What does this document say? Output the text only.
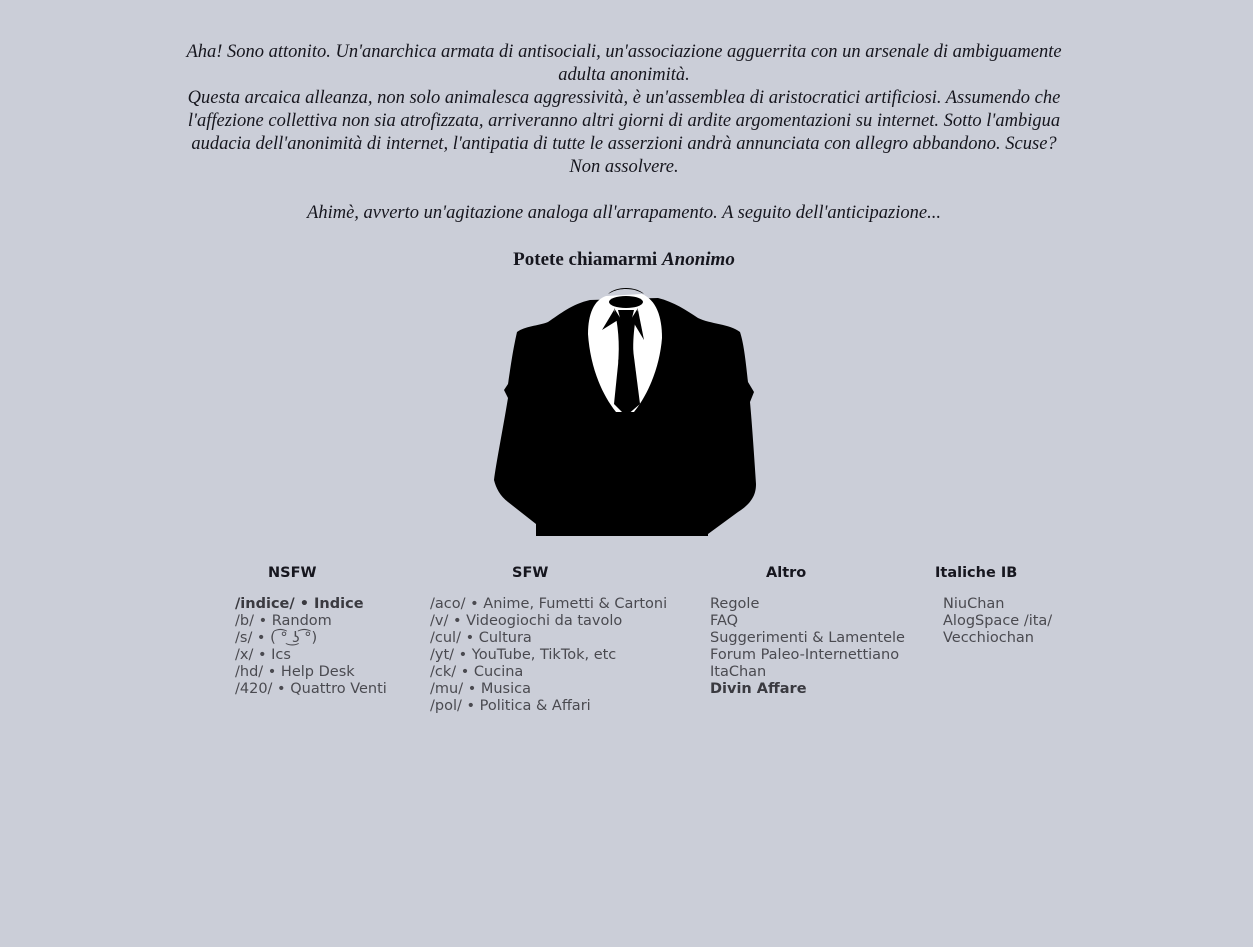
Aha! Sono attonito. Un'anarchica armata di antisociali, un'associazione agguerrita con un arsenale di ambiguamente adulta anonimità.

Questa arcaica alleanza, non solo animalesca aggressività, è un'assemblea di aristocratici artificiosi. Assumendo che l'affezione collettiva non sia atrofizzata, arriveranno altri giorni di ardite argomentazioni su internet. Sotto l'ambigua audacia dell'anonimità di internet, l'antipatia di tutte le asserzioni andrà annunciata con allegro abbandono. Scuse? Non assolvere.

Ahimè, avverto un'agitazione analoga all'arrapamento. A seguito dell'anticipazione...

Potete chiamarmi Anonimo
NSFW
/indice/ • Indice
/b/ • Random
/s/ • ( ͡° ͜ʖ ͡°)
/x/ • Ics
/hd/ • Help Desk
/420/ • Quattro Venti
SFW
/aco/ • Anime, Fumetti & Cartoni
/v/ • Videogiochi da tavolo
/cul/ • Cultura
/yt/ • YouTube, TikTok, etc
/ck/ • Cucina
/mu/ • Musica
/pol/ • Politica & Affari
Altro
Regole
FAQ
Suggerimenti & Lamentele
Forum Paleo-Internettiano
ItaChan
Divin Affare
Italiche IB
NiuChan
AlogSpace /ita/
Vecchiochan
